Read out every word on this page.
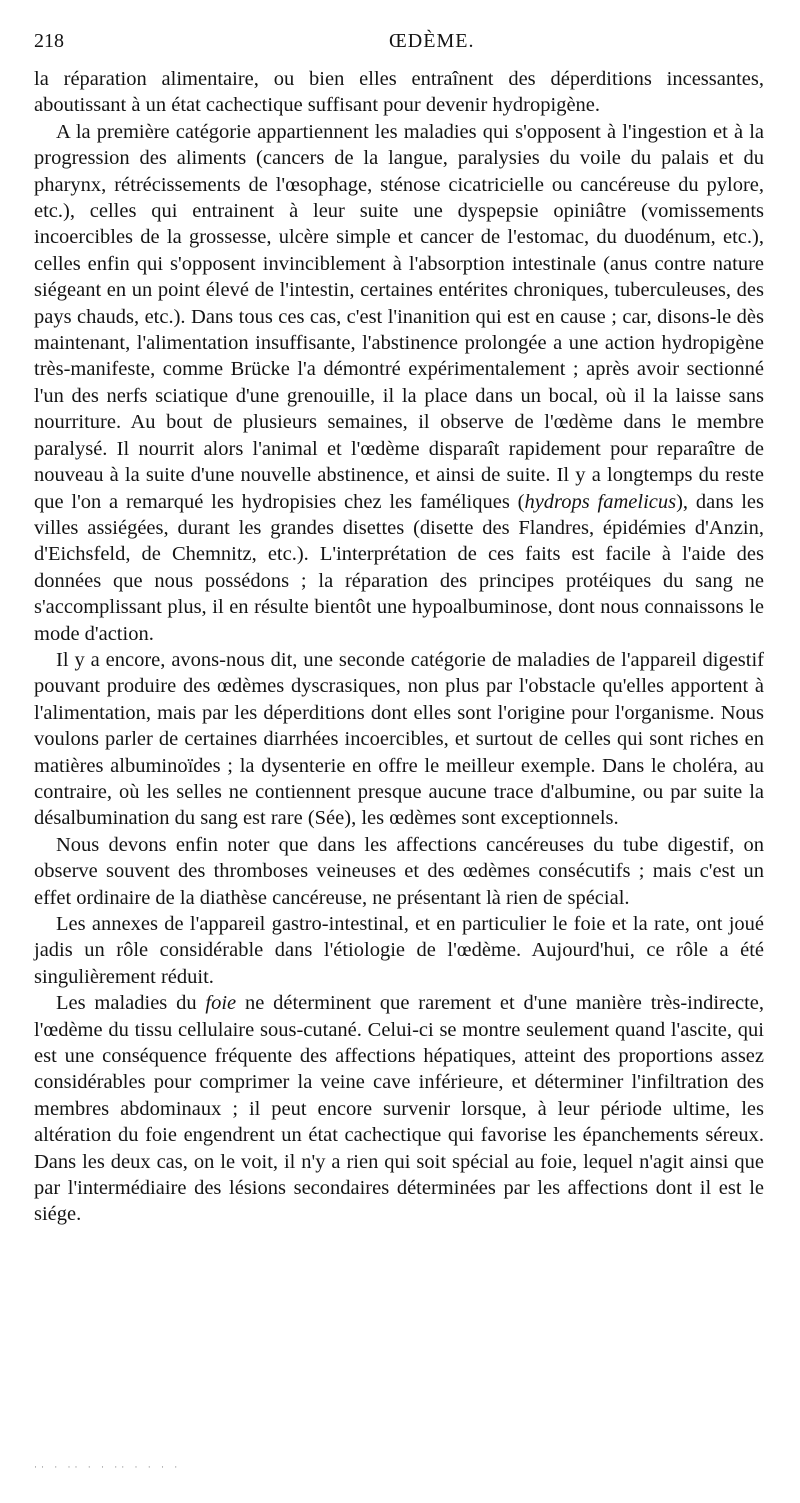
218	ŒDÈME.

la réparation alimentaire, ou bien elles entraînent des déperditions incessantes, aboutissant à un état cachectique suffisant pour devenir hydropigène.

A la première catégorie appartiennent les maladies qui s'opposent à l'ingestion et à la progression des aliments (cancers de la langue, paralysies du voile du palais et du pharynx, rétrécissements de l'œsophage, sténose cicatricielle ou cancéreuse du pylore, etc.), celles qui entrainent à leur suite une dyspepsie opiniâtre (vomissements incoercibles de la grossesse, ulcère simple et cancer de l'estomac, du duodénum, etc.), celles enfin qui s'opposent invinciblement à l'absorption intestinale (anus contre nature siégeant en un point élevé de l'intestin, certaines entérites chroniques, tuberculeuses, des pays chauds, etc.). Dans tous ces cas, c'est l'inanition qui est en cause ; car, disons-le dès maintenant, l'alimentation insuffisante, l'abstinence prolongée a une action hydropigène très-manifeste, comme Brücke l'a démontré expérimentalement ; après avoir sectionné l'un des nerfs sciatique d'une grenouille, il la place dans un bocal, où il la laisse sans nourriture. Au bout de plusieurs semaines, il observe de l'œdème dans le membre paralysé. Il nourrit alors l'animal et l'œdème disparaît rapidement pour reparaître de nouveau à la suite d'une nouvelle abstinence, et ainsi de suite. Il y a longtemps du reste que l'on a remarqué les hydropisies chez les faméliques (hydrops famelicus), dans les villes assiégées, durant les grandes disettes (disette des Flandres, épidémies d'Anzin, d'Eichsfeld, de Chemnitz, etc.). L'interprétation de ces faits est facile à l'aide des données que nous possédons ; la réparation des principes protéiques du sang ne s'accomplissant plus, il en résulte bientôt une hypoalbuminose, dont nous connaissons le mode d'action.

Il y a encore, avons-nous dit, une seconde catégorie de maladies de l'appareil digestif pouvant produire des œdèmes dyscrasiques, non plus par l'obstacle qu'elles apportent à l'alimentation, mais par les déperditions dont elles sont l'origine pour l'organisme. Nous voulons parler de certaines diarrhées incoercibles, et surtout de celles qui sont riches en matières albuminoïdes ; la dysenterie en offre le meilleur exemple. Dans le choléra, au contraire, où les selles ne contiennent presque aucune trace d'albumine, ou par suite la désalbumination du sang est rare (Sée), les œdèmes sont exceptionnels.

Nous devons enfin noter que dans les affections cancéreuses du tube digestif, on observe souvent des thromboses veineuses et des œdèmes consécutifs ; mais c'est un effet ordinaire de la diathèse cancéreuse, ne présentant là rien de spécial.

Les annexes de l'appareil gastro-intestinal, et en particulier le foie et la rate, ont joué jadis un rôle considérable dans l'étiologie de l'œdème. Aujourd'hui, ce rôle a été singulièrement réduit.

Les maladies du foie ne déterminent que rarement et d'une manière très-indirecte, l'œdème du tissu cellulaire sous-cutané. Celui-ci se montre seulement quand l'ascite, qui est une conséquence fréquente des affections hépatiques, atteint des proportions assez considérables pour comprimer la veine cave inférieure, et déterminer l'infiltration des membres abdominaux ; il peut encore survenir lorsque, à leur période ultime, les altération du foie engendrent un état cachectique qui favorise les épanchements séreux. Dans les deux cas, on le voit, il n'y a rien qui soit spécial au foie, lequel n'agit ainsi que par l'intermédiaire des lésions secondaires déterminées par les affections dont il est le siége.

·· · ·· · · ·· · · · ·
